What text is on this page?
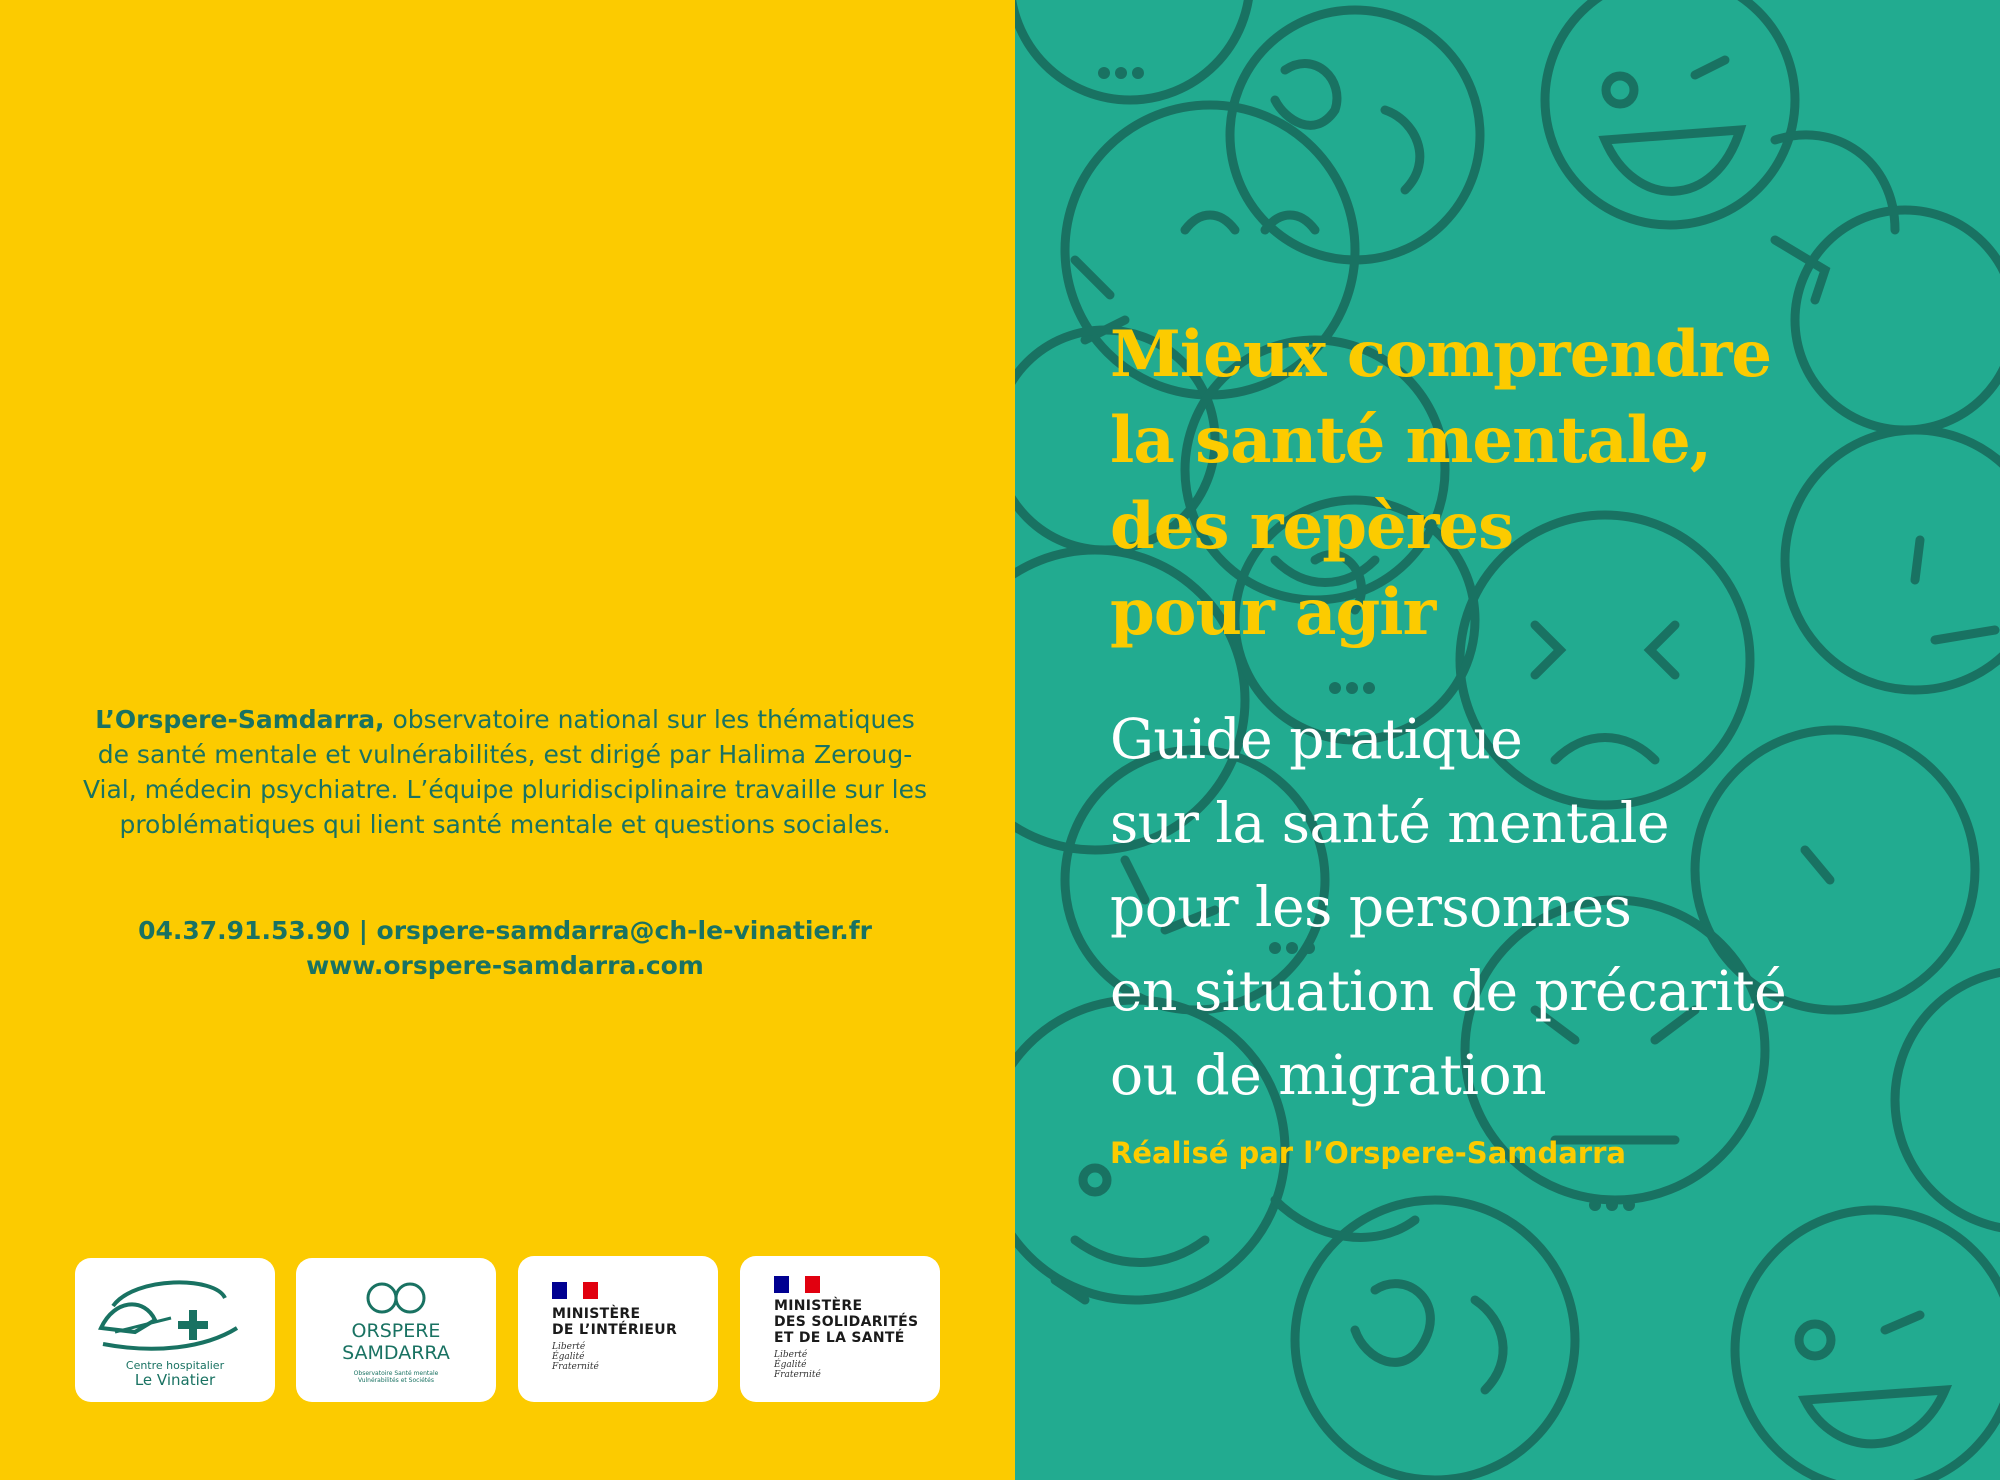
L’Orspere-Samdarra, observatoire national sur les thématiques de santé mentale et vulnérabilités, est dirigé par Halima Zeroug-Vial, médecin psychiatre. L’équipe pluridisciplinaire travaille sur les problématiques qui lient santé mentale et questions sociales.
04.37.91.53.90 | orspere-samdarra@ch-le-vinatier.fr
www.orspere-samdarra.com
Centre hospitalier
Le Vinatier
ORSPERE
SAMDARRA
Observatoire Santé mentale
Vulnérabilités et Sociétés
MINISTÈRE
DE L’INTÉRIEUR
Liberté
Égalité
Fraternité
MINISTÈRE
DES SOLIDARITÉS
ET DE LA SANTÉ
Liberté
Égalité
Fraternité
Mieux comprendre
la santé mentale,
des repères
pour agir
Guide pratique
sur la santé mentale
pour les personnes
en situation de précarité
ou de migration
Réalisé par l’Orspere-Samdarra
